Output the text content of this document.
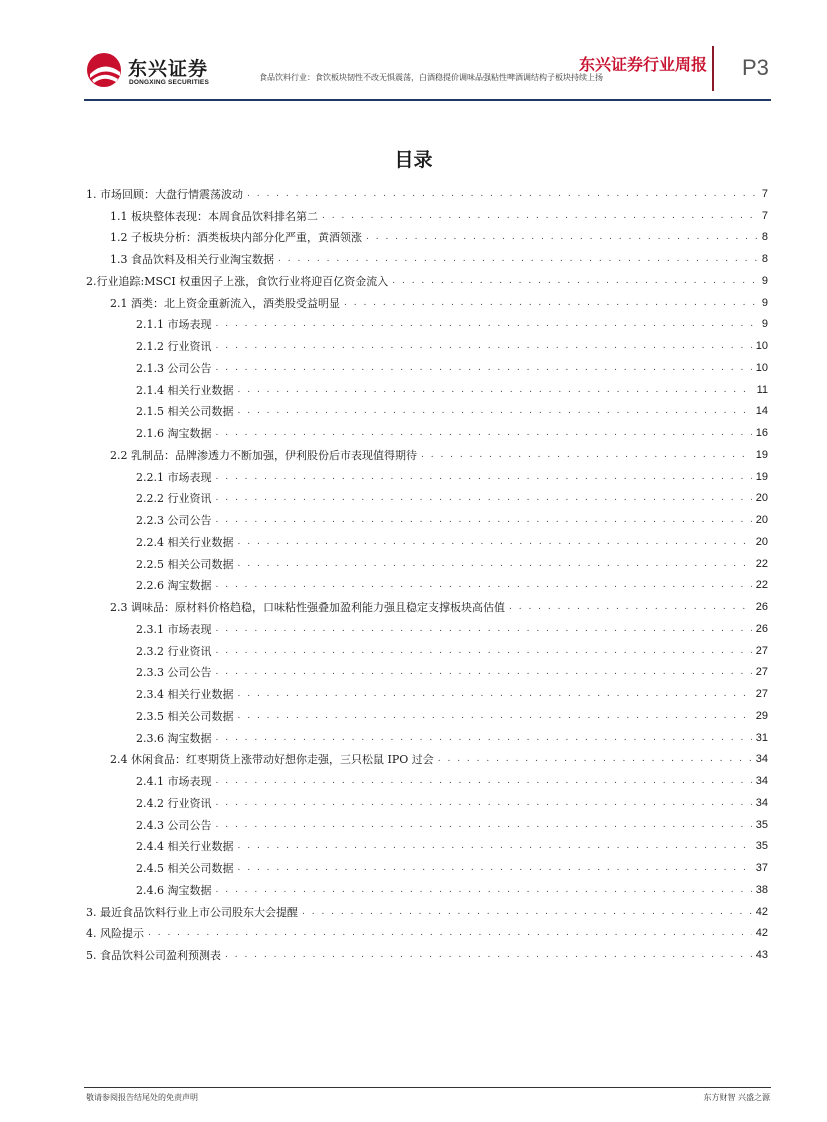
东兴证券
DONGXING SECURITIES
东兴证券行业周报
食品饮料行业：食饮板块韧性不改无惧震荡，白酒稳提价调味品强粘性啤酒调结构子板块持续上扬	P3
目录
1. 市场回顾：大盘行情震荡波动 . . .	7
1.1 板块整体表现：本周食品饮料排名第二 . . .	7
1.2 子板块分析：酒类板块内部分化严重，黄酒领涨 . . .	8
1.3 食品饮料及相关行业淘宝数据 . . .	8
2.行业追踪:MSCI 权重因子上涨，食饮行业将迎百亿资金流入 . . .	9
2.1 酒类：北上资金重新流入，酒类股受益明显 . . .	9
2.1.1 市场表现 . . .	9
2.1.2 行业资讯 . . .	10
2.1.3 公司公告 . . .	10
2.1.4 相关行业数据 . . .	11
2.1.5 相关公司数据 . . .	14
2.1.6 淘宝数据 . . .	16
2.2 乳制品：品牌渗透力不断加强，伊利股份后市表现值得期待 . . .	19
2.2.1 市场表现 . . .	19
2.2.2 行业资讯 . . .	20
2.2.3 公司公告 . . .	20
2.2.4 相关行业数据 . . .	20
2.2.5 相关公司数据 . . .	22
2.2.6 淘宝数据 . . .	22
2.3 调味品：原材料价格趋稳，口味粘性强叠加盈利能力强且稳定支撑板块高估值 . . .	26
2.3.1 市场表现 . . .	26
2.3.2 行业资讯 . . .	27
2.3.3 公司公告 . . .	27
2.3.4 相关行业数据 . . .	27
2.3.5 相关公司数据 . . .	29
2.3.6 淘宝数据 . . .	31
2.4 休闲食品：红枣期货上涨带动好想你走强，三只松鼠 IPO 过会 . . .	34
2.4.1 市场表现 . . .	34
2.4.2 行业资讯 . . .	34
2.4.3 公司公告 . . .	35
2.4.4 相关行业数据 . . .	35
2.4.5 相关公司数据 . . .	37
2.4.6 淘宝数据 . . .	38
3. 最近食品饮料行业上市公司股东大会提醒 . . .	42
4. 风险提示 . . .	42
5. 食品饮料公司盈利预测表 . . .	43
敬请参阅报告结尾处的免责声明	东方财智 兴盛之源
